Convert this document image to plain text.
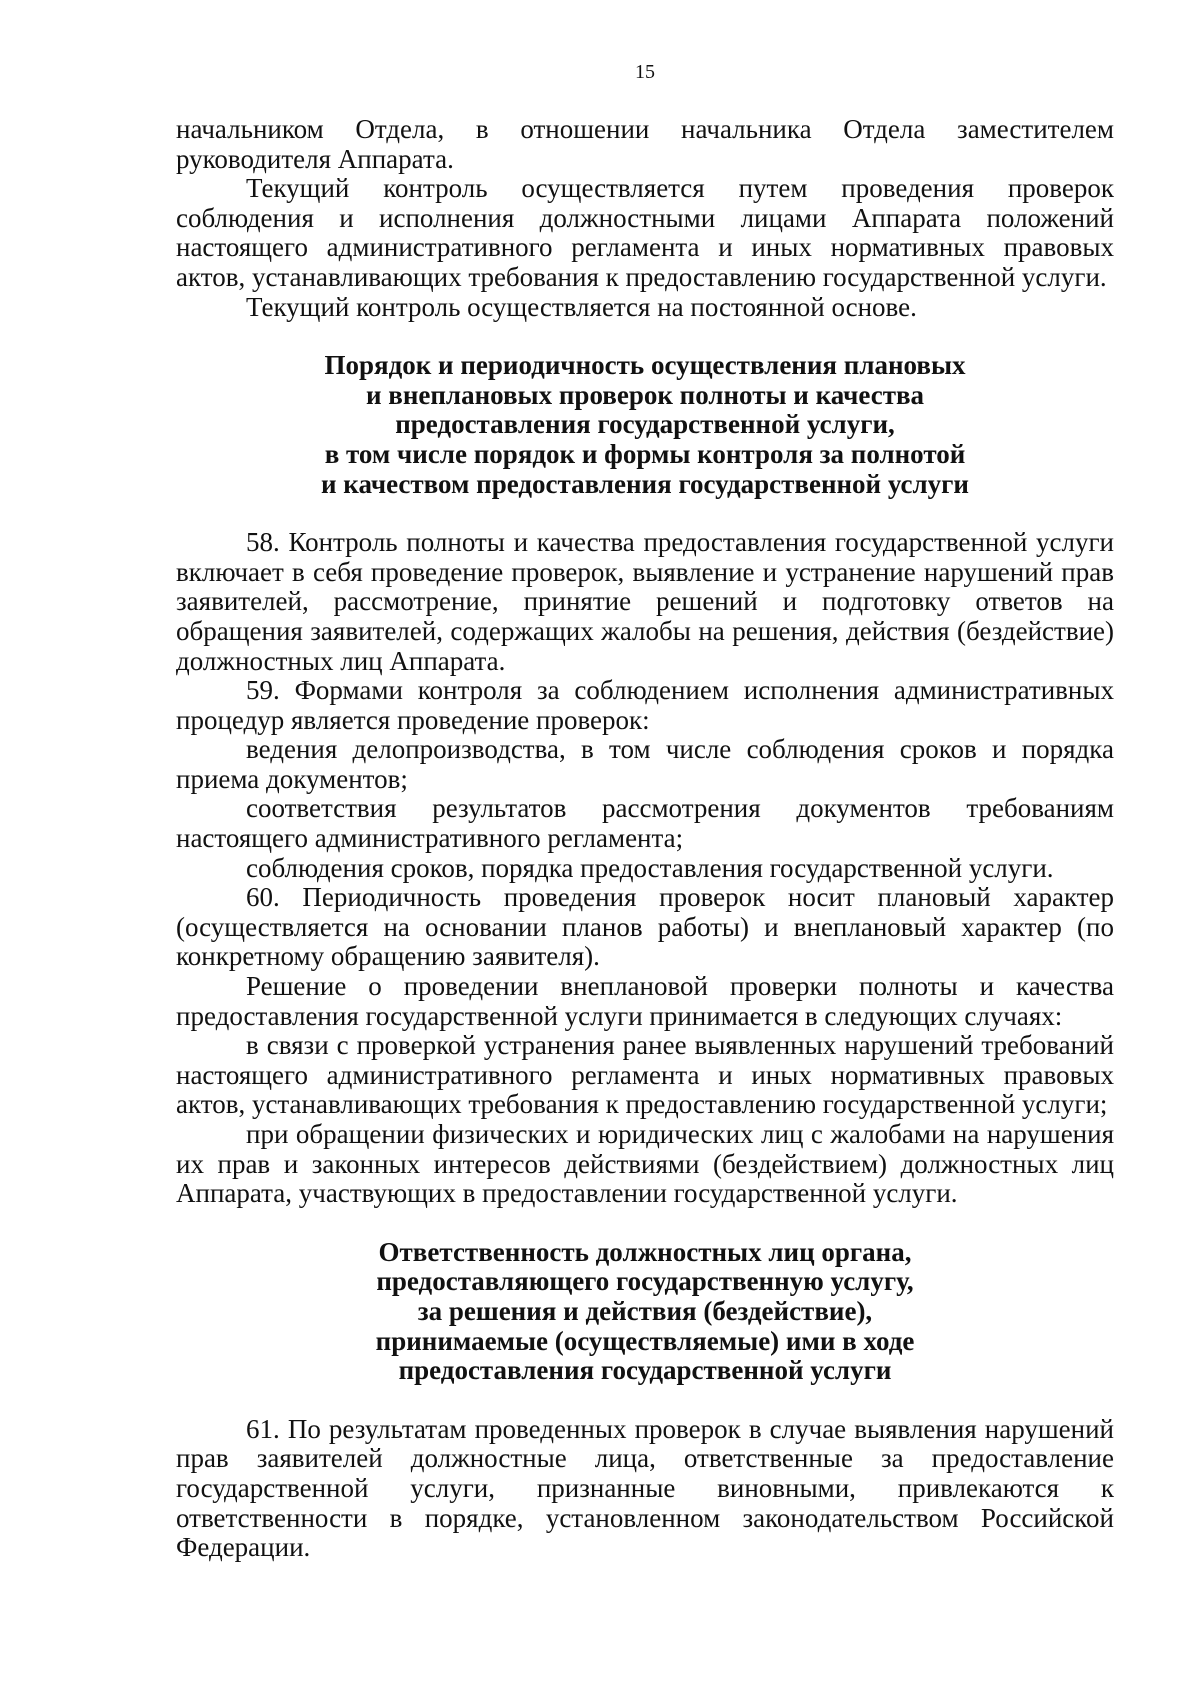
15

начальником Отдела, в отношении начальника Отдела заместителем руководителя Аппарата.

Текущий контроль осуществляется путем проведения проверок соблюдения и исполнения должностными лицами Аппарата положений настоящего административного регламента и иных нормативных правовых актов, устанавливающих требования к предоставлению государственной услуги.

Текущий контроль осуществляется на постоянной основе.

Порядок и периодичность осуществления плановых
и внеплановых проверок полноты и качества
предоставления государственной услуги,
в том числе порядок и формы контроля за полнотой
и качеством предоставления государственной услуги

58. Контроль полноты и качества предоставления государственной услуги включает в себя проведение проверок, выявление и устранение нарушений прав заявителей, рассмотрение, принятие решений и подготовку ответов на обращения заявителей, содержащих жалобы на решения, действия (бездействие) должностных лиц Аппарата.

59. Формами контроля за соблюдением исполнения административных процедур является проведение проверок:

ведения делопроизводства, в том числе соблюдения сроков и порядка приема документов;

соответствия результатов рассмотрения документов требованиям настоящего административного регламента;

соблюдения сроков, порядка предоставления государственной услуги.

60. Периодичность проведения проверок носит плановый характер (осуществляется на основании планов работы) и внеплановый характер (по конкретному обращению заявителя).

Решение о проведении внеплановой проверки полноты и качества предоставления государственной услуги принимается в следующих случаях:

в связи с проверкой устранения ранее выявленных нарушений требований настоящего административного регламента и иных нормативных правовых актов, устанавливающих требования к предоставлению государственной услуги;

при обращении физических и юридических лиц с жалобами на нарушения их прав и законных интересов действиями (бездействием) должностных лиц Аппарата, участвующих в предоставлении государственной услуги.

Ответственность должностных лиц органа,
предоставляющего государственную услугу,
за решения и действия (бездействие),
принимаемые (осуществляемые) ими в ходе
предоставления государственной услуги

61. По результатам проведенных проверок в случае выявления нарушений прав заявителей должностные лица, ответственные за предоставление государственной услуги, признанные виновными, привлекаются к ответственности в порядке, установленном законодательством Российской Федерации.
